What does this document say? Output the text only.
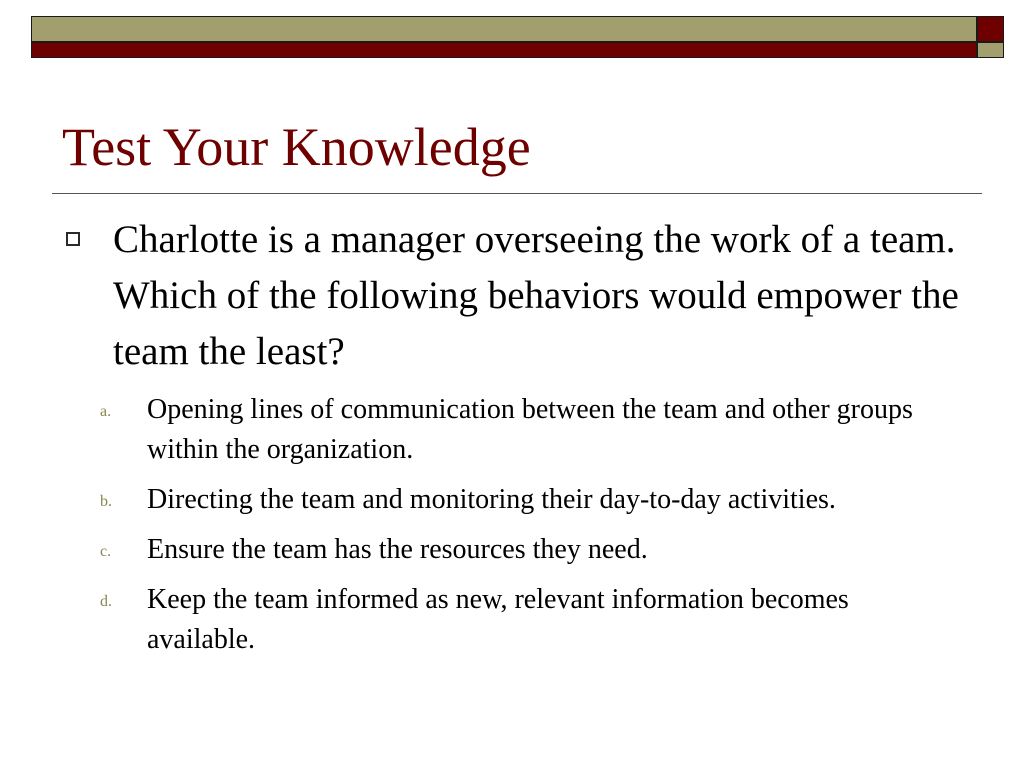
Test Your Knowledge
Charlotte is a manager overseeing the work of a team. Which of the following behaviors would empower the team the least?
a. Opening lines of communication between the team and other groups within the organization.
b. Directing the team and monitoring their day-to-day activities.
c. Ensure the team has the resources they need.
d. Keep the team informed as new, relevant information becomes available.
